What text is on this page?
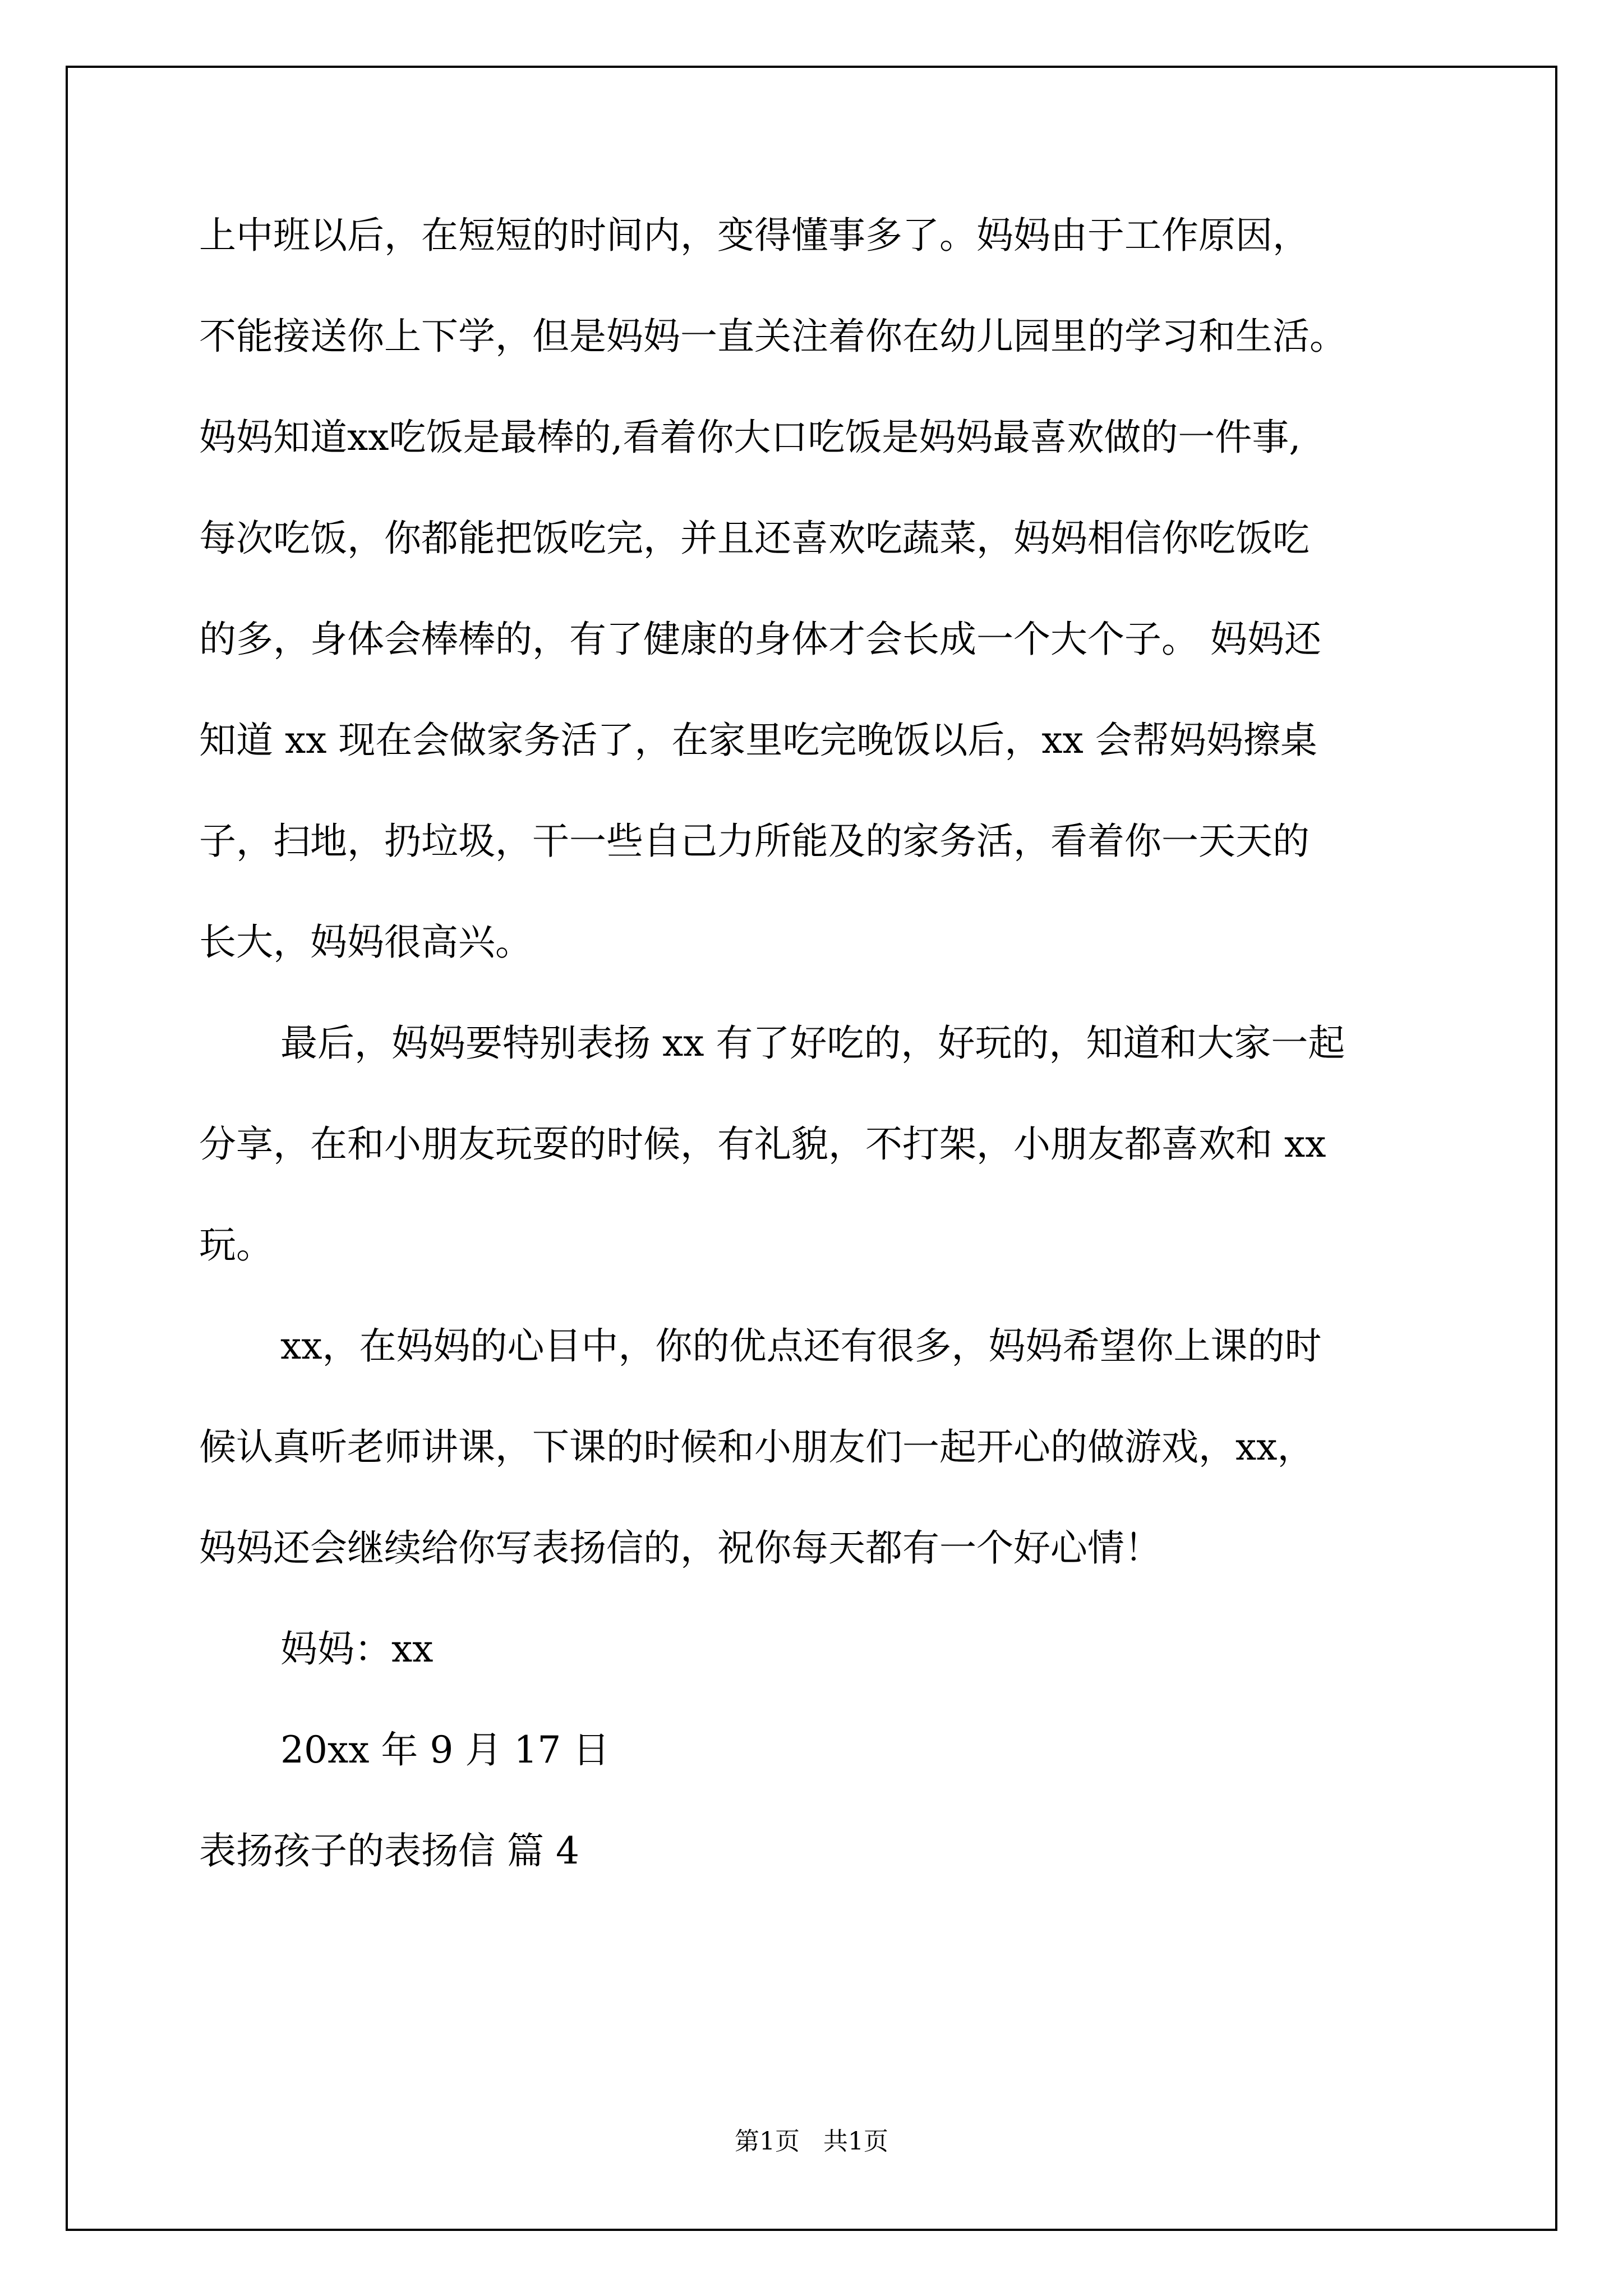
上中班以后，在短短的时间内，变得懂事多了。妈妈由于工作原因，
不能接送你上下学，但是妈妈一直关注着你在幼儿园里的学习和生活。
妈妈知道xx吃饭是最棒的,看着你大口吃饭是妈妈最喜欢做的一件事,
每次吃饭，你都能把饭吃完，并且还喜欢吃蔬菜，妈妈相信你吃饭吃
的多，身体会棒棒的，有了健康的身体才会长成一个大个子。 妈妈还
知道 xx 现在会做家务活了，在家里吃完晚饭以后，xx 会帮妈妈擦桌
子，扫地，扔垃圾，干一些自己力所能及的家务活，看着你一天天的
长大，妈妈很高兴。
最后，妈妈要特别表扬 xx 有了好吃的，好玩的，知道和大家一起
分享，在和小朋友玩耍的时候，有礼貌，不打架，小朋友都喜欢和 xx
玩。
xx，在妈妈的心目中，你的优点还有很多，妈妈希望你上课的时
候认真听老师讲课，下课的时候和小朋友们一起开心的做游戏，xx，
妈妈还会继续给你写表扬信的，祝你每天都有一个好心情！
妈妈：xx
20xx 年 9 月 17 日
表扬孩子的表扬信 篇 4
第1页 共1页
